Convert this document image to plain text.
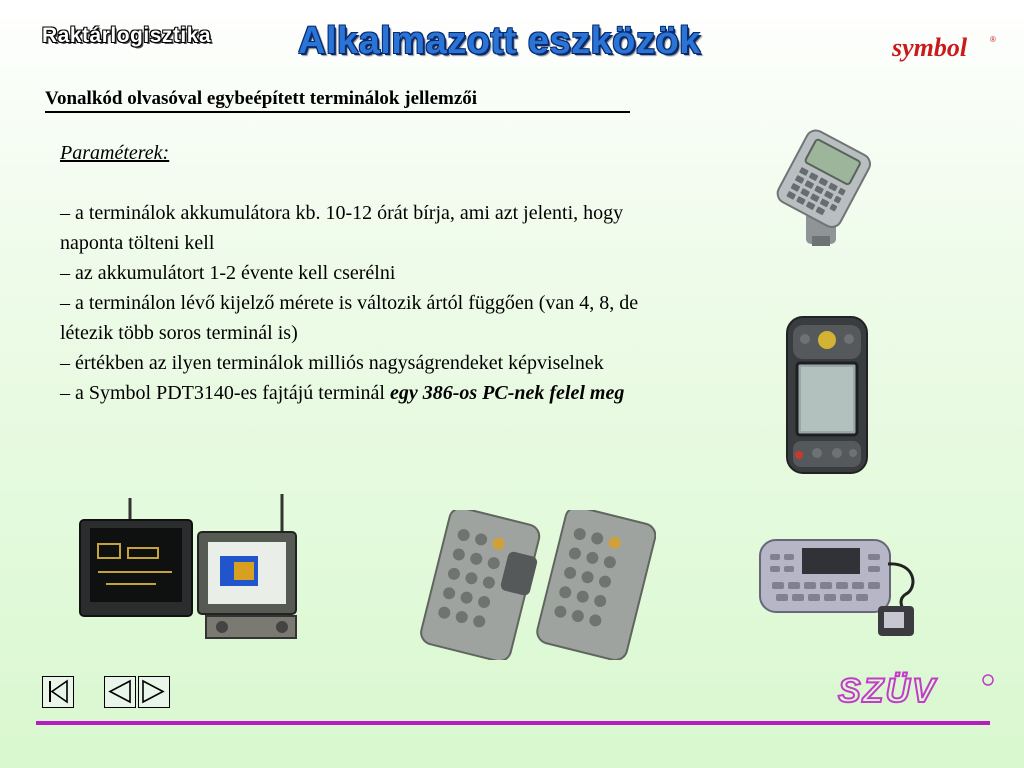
Raktárlogisztika Alkalmazott eszközök	symbol	®
Vonalkód olvasóval egybeépített terminálok jellemzői
Paraméterek:
– a terminálok akkumulátora kb. 10-12 órát bírja, ami azt jelenti, hogy naponta tölteni kell
– az akkumulátort 1-2 évente kell cserélni
– a terminálon lévő kijelző mérete is változik ártól függően (van 4, 8, de létezik több soros terminál is)
– értékben az ilyen terminálok milliós nagyságrendeket képviselnek
– a Symbol PDT3140-es fajtájú terminál egy 386-os PC-nek felel meg
SZÜV
